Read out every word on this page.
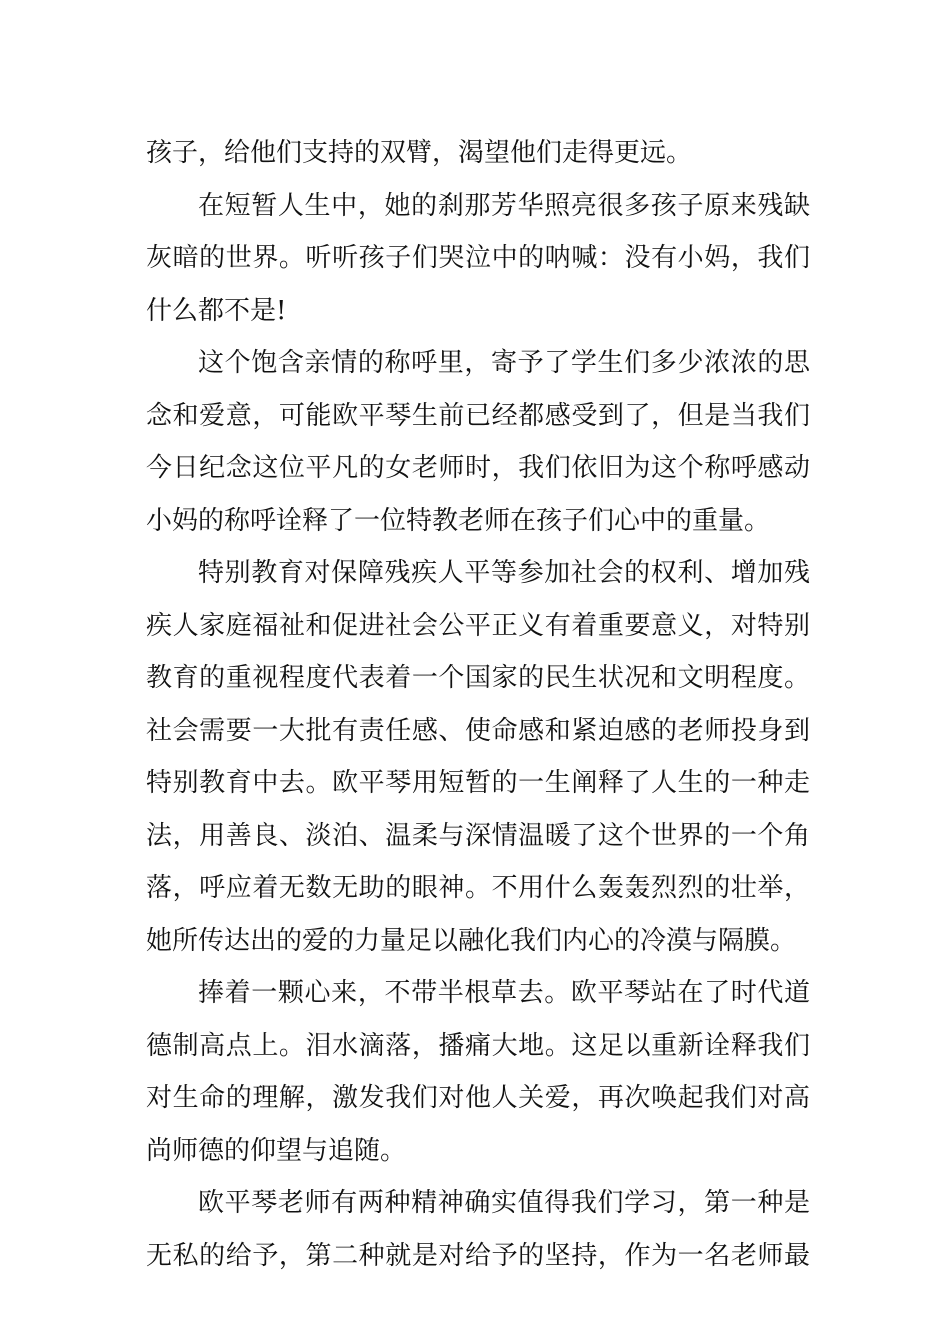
孩子，给他们支持的双臂，渴望他们走得更远。
在短暂人生中，她的刹那芳华照亮很多孩子原来残缺
灰暗的世界。听听孩子们哭泣中的呐喊：没有小妈，我们
什么都不是!
这个饱含亲情的称呼里，寄予了学生们多少浓浓的思
念和爱意，可能欧平琴生前已经都感受到了，但是当我们
今日纪念这位平凡的女老师时，我们依旧为这个称呼感动
小妈的称呼诠释了一位特教老师在孩子们心中的重量。
特别教育对保障残疾人平等参加社会的权利、增加残
疾人家庭福祉和促进社会公平正义有着重要意义，对特别
教育的重视程度代表着一个国家的民生状况和文明程度。
社会需要一大批有责任感、使命感和紧迫感的老师投身到
特别教育中去。欧平琴用短暂的一生阐释了人生的一种走
法，用善良、淡泊、温柔与深情温暖了这个世界的一个角
落，呼应着无数无助的眼神。不用什么轰轰烈烈的壮举，
她所传达出的爱的力量足以融化我们内心的冷漠与隔膜。
捧着一颗心来，不带半根草去。欧平琴站在了时代道
德制高点上。泪水滴落，播痛大地。这足以重新诠释我们
对生命的理解，激发我们对他人关爱，再次唤起我们对高
尚师德的仰望与追随。
欧平琴老师有两种精神确实值得我们学习，第一种是
无私的给予，第二种就是对给予的坚持，作为一名老师最
